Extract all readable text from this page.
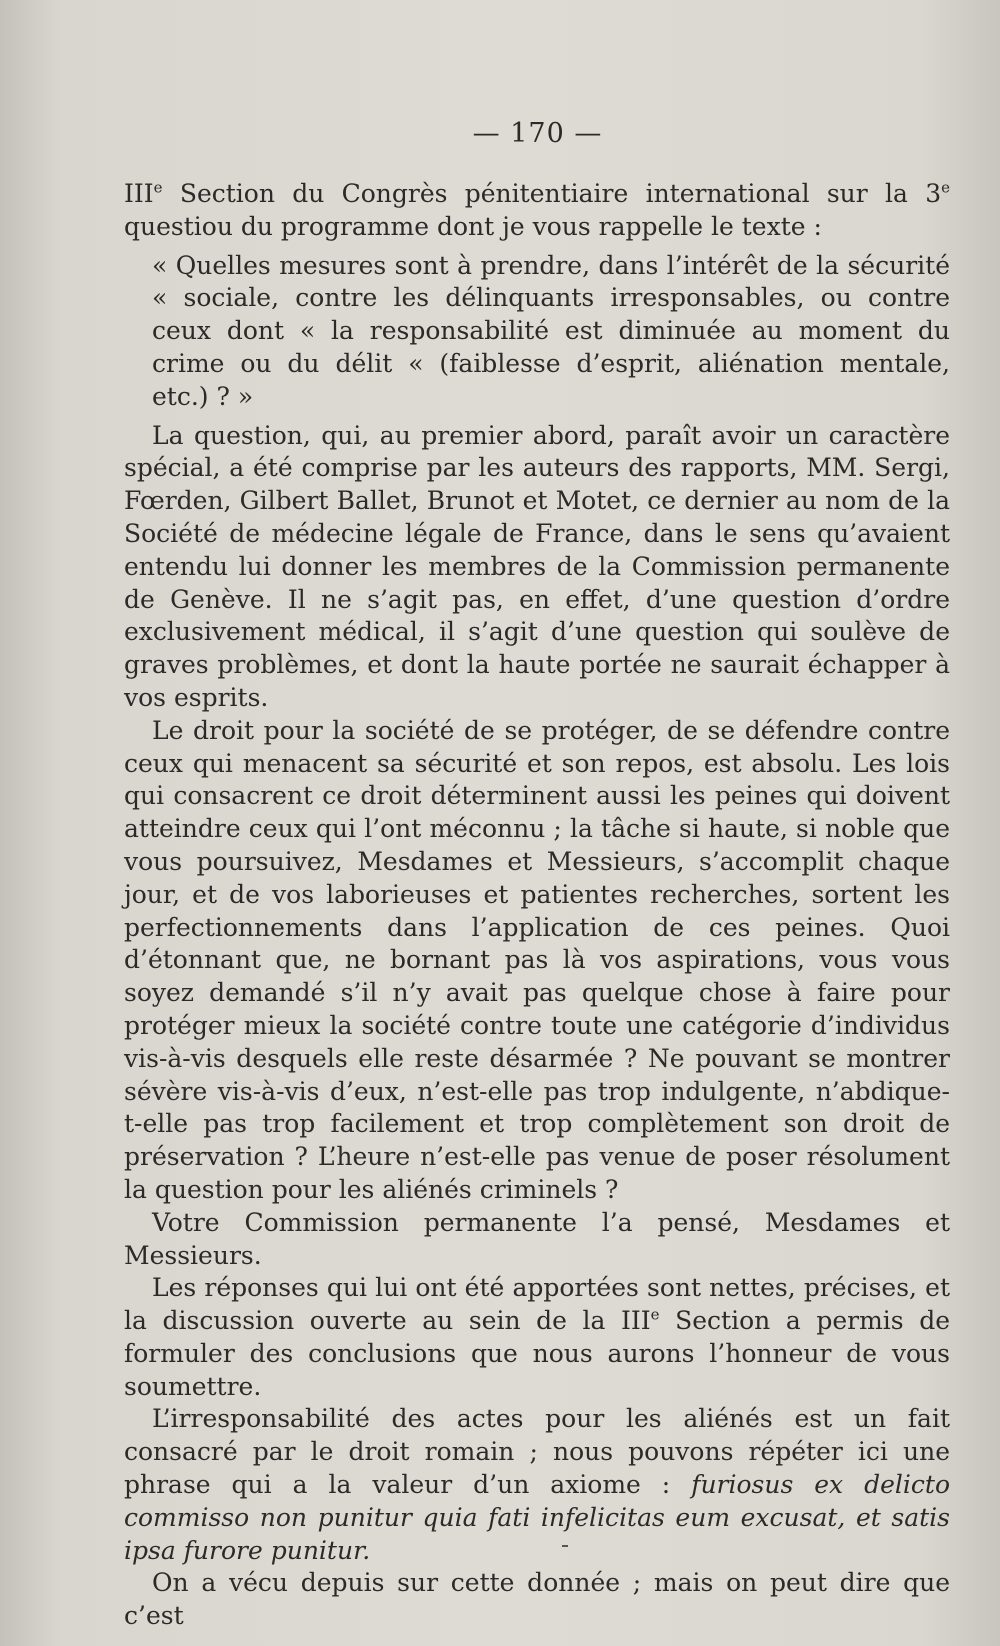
— 170 —

IIIe Section du Congrès pénitentiaire international sur la 3e questiou du programme dont je vous rappelle le texte :

« Quelles mesures sont à prendre, dans l’intérêt de la sécurité « sociale, contre les délinquants irresponsables, ou contre ceux dont « la responsabilité est diminuée au moment du crime ou du délit « (faiblesse d’esprit, aliénation mentale, etc.) ? »

La question, qui, au premier abord, paraît avoir un caractère spécial, a été comprise par les auteurs des rapports, MM. Sergi, Fœrden, Gilbert Ballet, Brunot et Motet, ce dernier au nom de la Société de médecine légale de France, dans le sens qu’avaient entendu lui donner les membres de la Commission permanente de Genève. Il ne s’agit pas, en effet, d’une question d’ordre exclusivement médical, il s’agit d’une question qui soulève de graves problèmes, et dont la haute portée ne saurait échapper à vos esprits.

Le droit pour la société de se protéger, de se défendre contre ceux qui menacent sa sécurité et son repos, est absolu. Les lois qui consacrent ce droit déterminent aussi les peines qui doivent atteindre ceux qui l’ont méconnu ; la tâche si haute, si noble que vous poursuivez, Mesdames et Messieurs, s’accomplit chaque jour, et de vos laborieuses et patientes recherches, sortent les perfectionnements dans l’application de ces peines. Quoi d’étonnant que, ne bornant pas là vos aspirations, vous vous soyez demandé s’il n’y avait pas quelque chose à faire pour protéger mieux la société contre toute une catégorie d’individus vis-à-vis desquels elle reste désarmée ? Ne pouvant se montrer sévère vis-à-vis d’eux, n’est-elle pas trop indulgente, n’abdique-t-elle pas trop facilement et trop complètement son droit de préservation ? L’heure n’est-elle pas venue de poser résolument la question pour les aliénés criminels ?

Votre Commission permanente l’a pensé, Mesdames et Messieurs.

Les réponses qui lui ont été apportées sont nettes, précises, et la discussion ouverte au sein de la IIIe Section a permis de formuler des conclusions que nous aurons l’honneur de vous soumettre.

L’irresponsabilité des actes pour les aliénés est un fait consacré par le droit romain ; nous pouvons répéter ici une phrase qui a la valeur d’un axiome : furiosus ex delicto commisso non punitur quia fati infelicitas eum excusat, et satis ipsa furore punitur.

On a vécu depuis sur cette donnée ; mais on peut dire que c’est
